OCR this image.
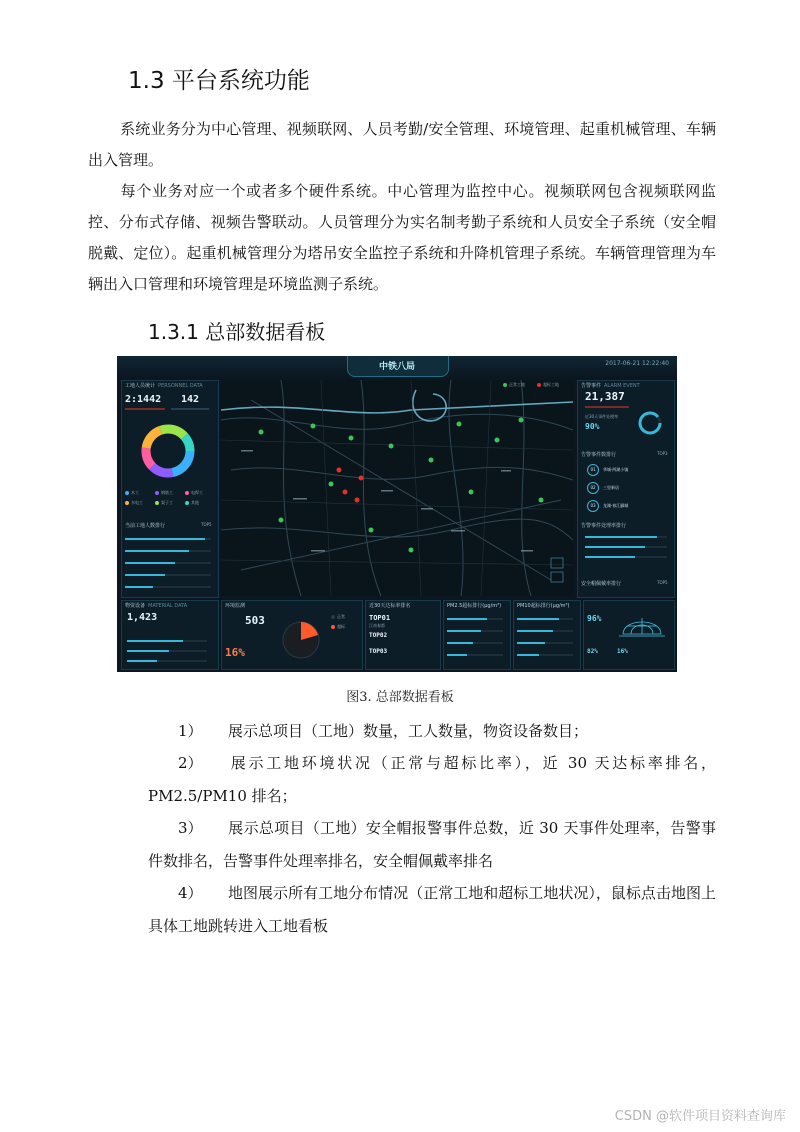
1.3 平台系统功能
系统业务分为中心管理、视频联网、人员考勤/安全管理、环境管理、起重机械管理、车辆出入管理。
每个业务对应一个或者多个硬件系统。中心管理为监控中心。视频联网包含视频联网监控、分布式存储、视频告警联动。人员管理分为实名制考勤子系统和人员安全子系统（安全帽脱戴、定位）。起重机械管理分为塔吊安全监控子系统和升降机管理子系统。车辆管理管理为车辆出入口管理和环境管理是环境监测子系统。
1.3.1 总部数据看板
中铁八局	2017-06-21 12:22:40
工地人员统计 PERSONNEL DATA
2:1442 142
木工	钢筋工	电焊工
水电工	架子工	其他
当前工地人数排行	TOP5
正常工地	超标工地	告警事件 ALARM EVENT
21,387
近30天事件处理率
90%
告警事件数排行	TOP3
01	华城·两湖小镇
02	三里新居
03	龙湖·春江郦城
告警事件处理率排行
安全帽佩戴率排行	TOP5
物资设备 MATERIAL DATA
1,423
环境监测
503
16%
正常
超标
近30天达标率排名
TOP01
江南春都
TOP02
TOP03
PM2.5超标排行(μg/m³)	PM10超标排行(μg/m³)
96%
82%	16%
图3. 总部数据看板
1） 展示总项目（工地）数量，工人数量，物资设备数目；
2） 展示工地环境状况（正常与超标比率），近 30 天达标率排名，PM2.5/PM10 排名；
3） 展示总项目（工地）安全帽报警事件总数，近 30 天事件处理率，告警事件数排名，告警事件处理率排名，安全帽佩戴率排名
4） 地图展示所有工地分布情况（正常工地和超标工地状况），鼠标点击地图上具体工地跳转进入工地看板
CSDN @软件项目资料查询库
